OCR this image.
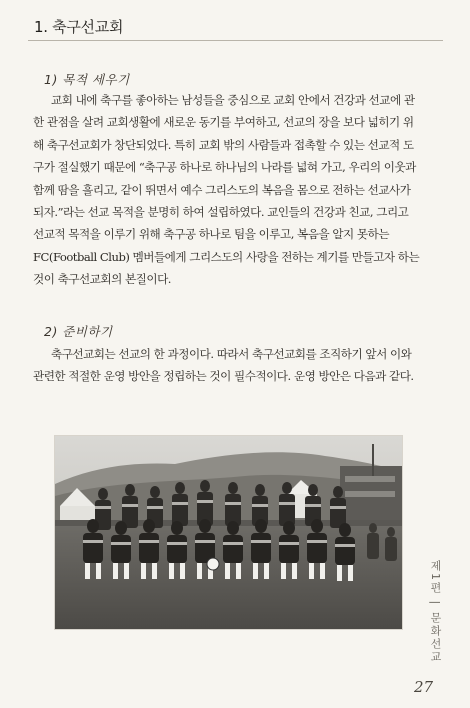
1. 축구선교회
1) 목적 세우기

교회 내에 축구를 좋아하는 남성들을 중심으로 교회 안에서 건강과 선교에 관
한 관점을 살려 교회생활에 새로운 동기를 부여하고, 선교의 장을 보다 넓히기 위
해 축구선교회가 창단되었다. 특히 교회 밖의 사람들과 접촉할 수 있는 선교적 도
구가 절실했기 때문에 “축구공 하나로 하나님의 나라를 넓혀 가고, 우리의 이웃과
함께 땀을 흘리고, 같이 뛰면서 예수 그리스도의 복음을 몸으로 전하는 선교사가
되자.”라는 선교 목적을 분명히 하여 설립하였다. 교인들의 건강과 친교, 그리고
선교적 목적을 이루기 위해 축구공 하나로 팀을 이루고, 복음을 알지 못하는
FC(Football Club) 멤버들에게 그리스도의 사랑을 전하는 계기를 만들고자 하는
것이 축구선교회의 본질이다.

2) 준비하기

축구선교회는 선교의 한 과정이다. 따라서 축구선교회를 조직하기 앞서 이와
관련한 적절한 운영 방안을 정립하는 것이 필수적이다. 운영 방안은 다음과 같다.

제1편 | 문화선교
27
